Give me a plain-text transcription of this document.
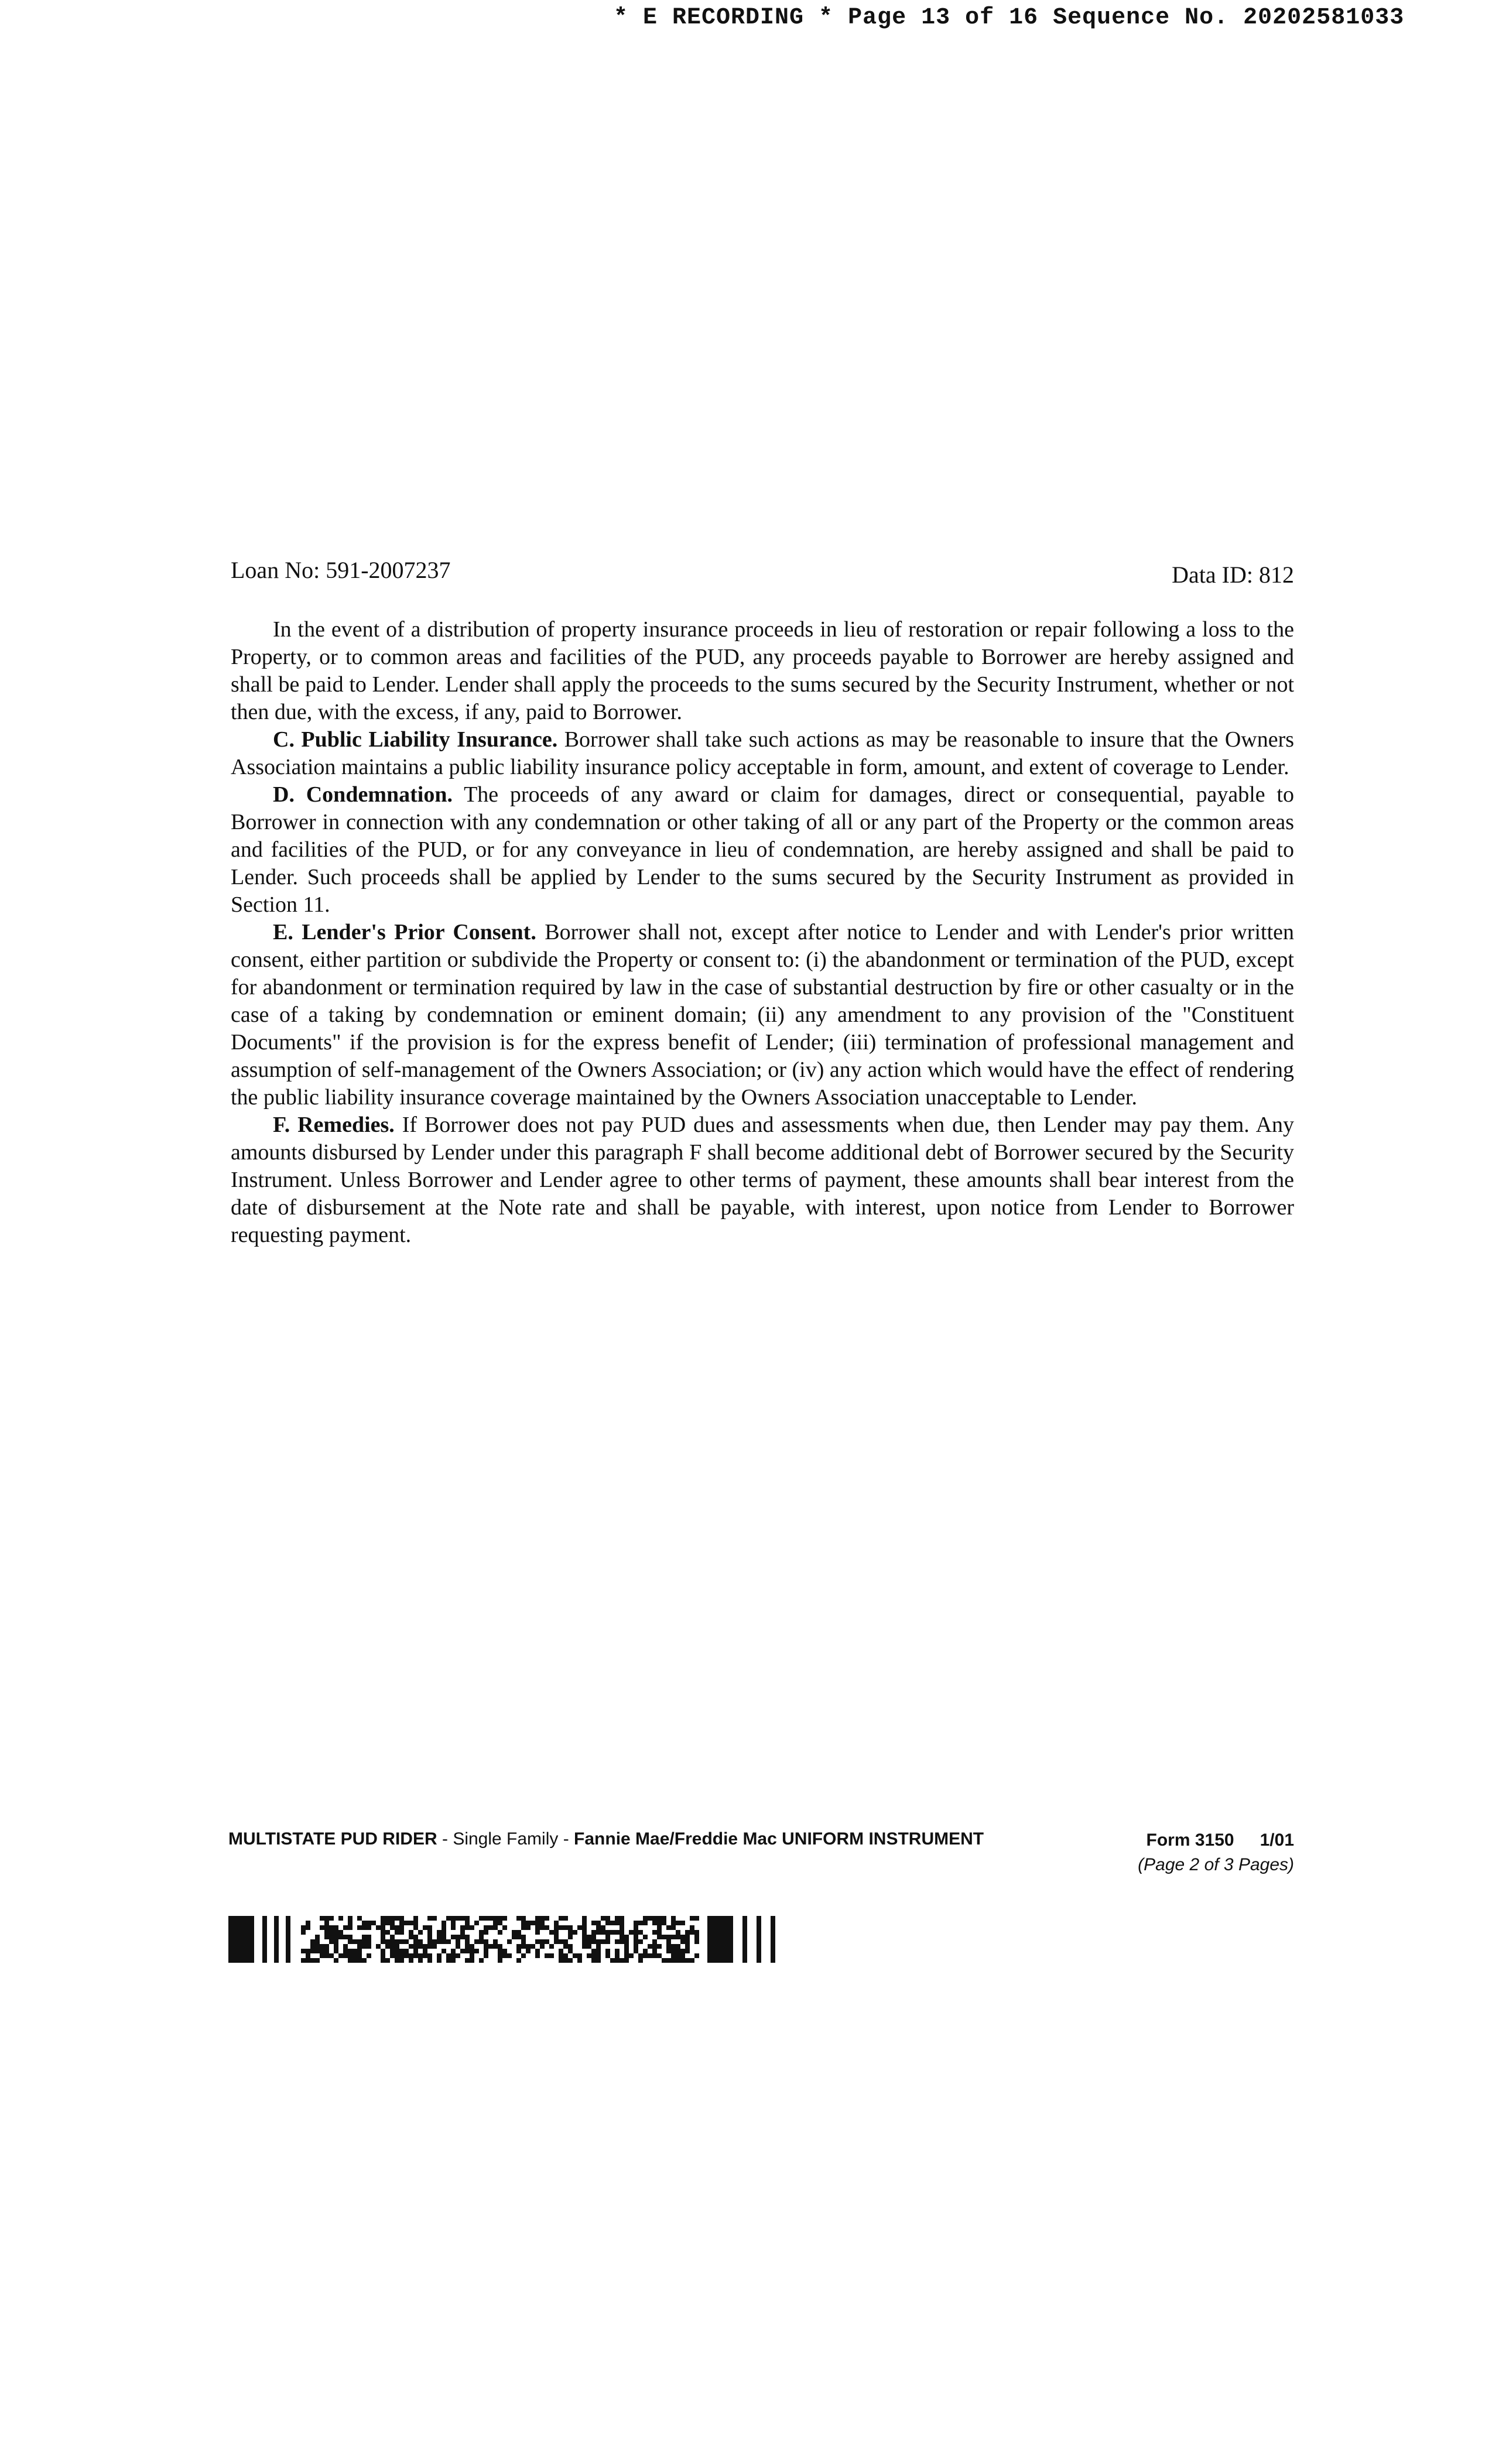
* E RECORDING * Page 13 of 16 Sequence No. 20202581033
Loan No: 591-2007237	Data ID: 812

In the event of a distribution of property insurance proceeds in lieu of restoration or repair following a loss to the Property, or to common areas and facilities of the PUD, any proceeds payable to Borrower are hereby assigned and shall be paid to Lender. Lender shall apply the proceeds to the sums secured by the Security Instrument, whether or not then due, with the excess, if any, paid to Borrower.

C. Public Liability Insurance. Borrower shall take such actions as may be reasonable to insure that the Owners Association maintains a public liability insurance policy acceptable in form, amount, and extent of coverage to Lender.

D. Condemnation. The proceeds of any award or claim for damages, direct or consequential, payable to Borrower in connection with any condemnation or other taking of all or any part of the Property or the common areas and facilities of the PUD, or for any conveyance in lieu of condemnation, are hereby assigned and shall be paid to Lender. Such proceeds shall be applied by Lender to the sums secured by the Security Instrument as provided in Section 11.

E. Lender's Prior Consent. Borrower shall not, except after notice to Lender and with Lender's prior written consent, either partition or subdivide the Property or consent to: (i) the abandonment or termination of the PUD, except for abandonment or termination required by law in the case of substantial destruction by fire or other casualty or in the case of a taking by condemnation or eminent domain; (ii) any amendment to any provision of the "Constituent Documents" if the provision is for the express benefit of Lender; (iii) termination of professional management and assumption of self-management of the Owners Association; or (iv) any action which would have the effect of rendering the public liability insurance coverage maintained by the Owners Association unacceptable to Lender.

F. Remedies. If Borrower does not pay PUD dues and assessments when due, then Lender may pay them. Any amounts disbursed by Lender under this paragraph F shall become additional debt of Borrower secured by the Security Instrument. Unless Borrower and Lender agree to other terms of payment, these amounts shall bear interest from the date of disbursement at the Note rate and shall be payable, with interest, upon notice from Lender to Borrower requesting payment.

MULTISTATE PUD RIDER - Single Family - Fannie Mae/Freddie Mac UNIFORM INSTRUMENT	Form 3150 1/01
(Page 2 of 3 Pages)
